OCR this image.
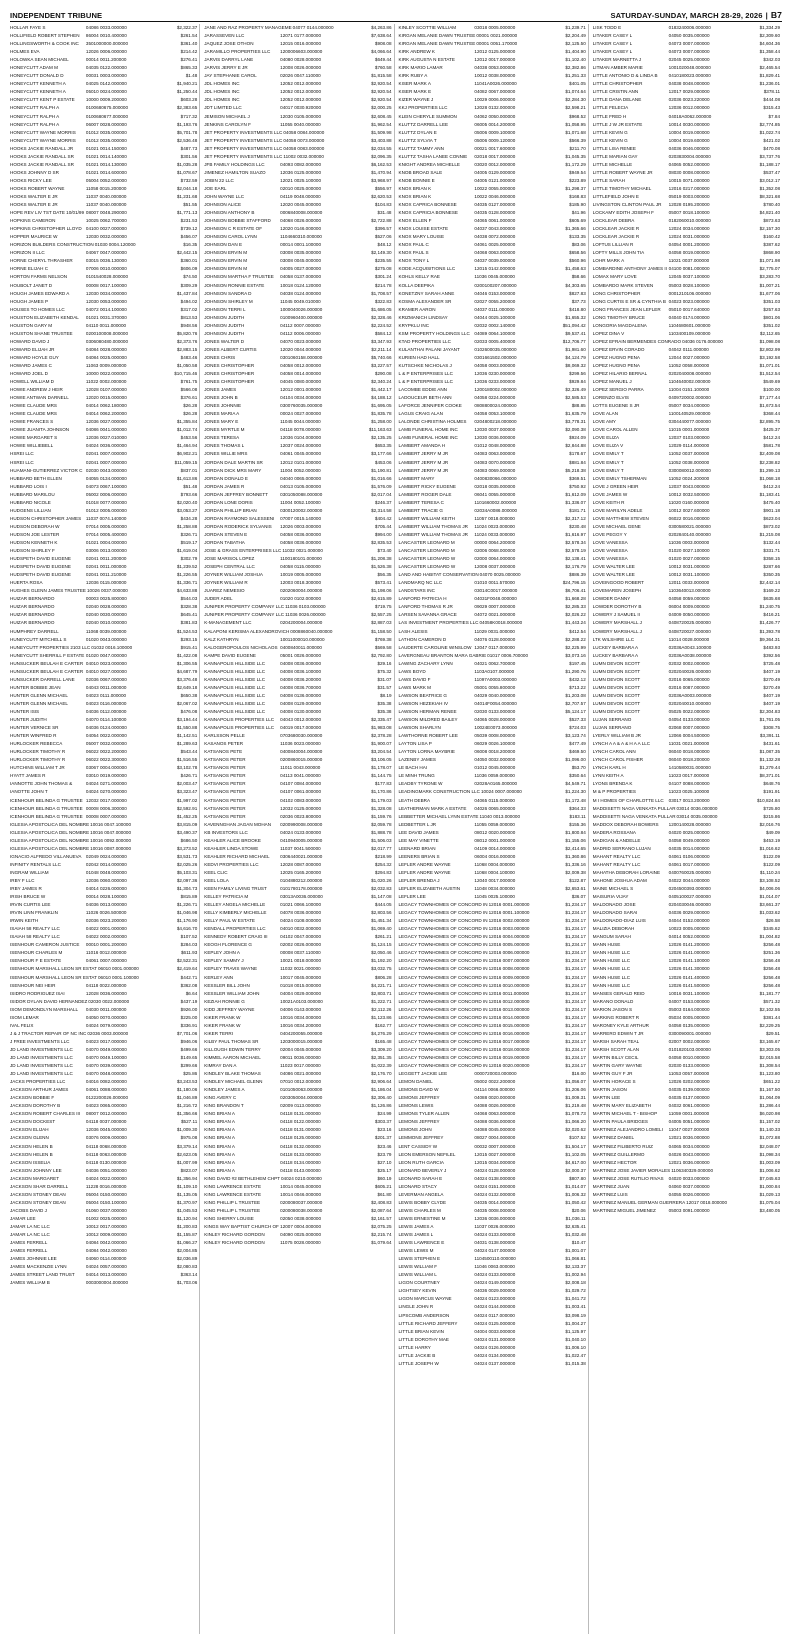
INDEPENDENT TRIBUNE	SATURDAY-SUNDAY, MARCH 28-29, 2026 | B7
HOLLAR FAYE S	04086 0033.000000	$2,322.37
HOLLIFIELD ROBERT STEPHEN	86004 0010.400000	$261.54
HOLLINGSWORTH & COOK INC	3501000000.000000	$361.40
HOLMES EVA	12026 0006.000000	$214.42
HOLOWKA SEAN MICHAEL	00014 0011.200000	$276.41
HONEYCUTT ADAM M	04035 0122.000000	$865.33
HONEYCUTT DONALD D	00031 0003.000000	$1.48
HONEYCUTT KENNETH A	04025 0142.000000	$1,940.21
HONEYCUTT KENNETH A	05010 0024.000000	$1,250.44
HONEYCUTT KENT P ESTATE	10000 0009.200000	$603.28
HONEYCUTT RALPH A	0100680675.000000	$2,383.65
HONEYCUTT RALPH A	0100680677.000000	$717.32
HONEYCUTT RALPH A	06007 0028.000000	$1,193.76
HONEYCUTT WAYNE MORRIS	01012 0035.000000	$5,701.78
HONEYCUTT WAYNE MORRIS	01012 0035.000000	$2,536.48
HOOKS JACKIE RANDALL JR	01021 0014.150000	$487.73
HOOKS JACKIE RANDALL SR	01021 0014.140000	$301.56
HOOKS JACKIE RANDALL SR	01021 0014.130000	$1,035.28
HOOKS JOHNNY D SR	01021 0014.600000	$1,078.67
HOOKS RICKY LEE	05004 0052.000000	$732.59
HOOKS ROBERT WAYNE	11058 0015.200000	$2,044.18
HOOKS WALTER E JR	11037 0040.000000	$1,231.68
HOOKS WALTER E JR	11037 0040.000000	$51.55
HOPE REV LIV TST DATE 10/01/99 08007 0048.290000	$1,771.13
HOPKINS CAMERON	10025 0062.700000	$231.53
HOPKINS CHRISTOPHER LLOYD 04100 0027.000000	$739.12
HOPPER MAURICE W	12030 0032.000000	$456.07
HORIZON BUILDERS CONSTRUCTION 01030 0004.120000	$16.35
HORIZON II LLC	04067 0047.000000	$2,442.15
HORNE CHERYL THRASHER	03015 0036.130000	$360.01
HORNE ELIJAH C	07006 0010.000000	$606.09
HORTON FARMS NELSON	0101540028.000000	$74.50
HOUBOLT JANET D	00008 0017.100000	$309.29
HOUGH JAMES EDWARD A	12030 0034.000000	$1,437.84
HOUGH JAMES P	12030 0053.000000	$494.02
HOUSES TO HOMES LLC	04072 0014.100000	$317.02
HOUSTON ELIZABETH KENDAL	01021 0031.370000	$813.53
HOUSTON GARY M	04110 0011.000000	$948.56
HOUSTON SHANE TRUSTEE	0200100008.000000	$5,820.76
HOWARD DAVID J	0306080480.000000	$2,373.76
HOWARD ELIJAH JR	04084 0028.000000	$2,883.15
HOWARD HOYLE GUY	04084 0025.000000	$483.46
HOWARD JAMES C	11063 0009.000000	$1,050.58
HOWARD JOEL D	10000 0022.000000	$10,715.46
HOWELL WILLIAM D	11022 0002.000000	$761.75
HOWIE ANDREW J HEIR	12028 0107.000000	$566.08
HOWIE ANTWAN DARNELL	12020 0015.000000	$376.61
HOWIE CLAUDE MRS	04014 0062.180000	$26.28
HOWIE CLAUDE MRS	04014 0062.200000	$26.28
HOWIE FRANCES S	12036 0027.000000	$1,355.84
HOWIE JUANITA JOHNSON	04086 0041.000000	$1,012.74
HOWIE MARGARET S	12036 0027.010000	$453.56
HOWIE WILLIEBELL	04024 0036.000000	$1,464.94
HSREI LLC	02041 0007.000000	$6,902.21
HSREI LLC	02041 0007.000000	$11,059.15
HUAMANI-GUTIERREZ VICTOR C 02030 0043.000000	$837.01
HUBBARD BETH ELLEN	04055 0134.000000	$1,613.86
HUBBARD LOIS I	04073 0067.100000	$51.48
HUBBARD MARILOU	05002 0006.000000	$793.66
HUBBARD NICOLE	01018 0077.000000	$2,020.40
HUDGENS LILLIAN	01012 0005.000000	$3,053.27
HUDSON CHRISTOPHER JAMES	11037 0074.140000	$434.28
HUDSON DEBORAH W	07014 0005.000000	$1,258.88
HUDSON JOE LESTER	07014 0005.400000	$326.71
HUDSON KENNETH K	01021 0004.000000	$519.17
HUDSON SHIRLEY F	03006 0013.000000	$1,619.04
HUDSPETH DAVID EUGENE	02041 0011.200000	$302.79
HUDSPETH DAVID EUGENE	02041 0011.000000	$1,239.52
HUDSPETH DAVID EUGENE	02041 0011.210000	$1,226.55
HUERTA ROSA	12036 0115.000000	$1,336.71
HUGHES GLENN JAMES TRUSTEE 10026 0037.000000	$4,633.88
HUIZAR BERNARDO	00003 0025.800000	$544.03
HUIZAR BERNARDO	02040 0028.000000	$328.38
HUIZAR BERNARDO	02040 0030.000000	$645.41
HUIZAR BERNARDO	02040 0010.000000	$381.83
HUMPHREY DARRELL	11068 0039.000000	$1,524.53
HUNEYCUTT MITCHELL S	01020 0043.000000	$293.15
HUNEYCUTT PROPERTIES 2103 LLC 01032 0016.100000	$915.41
HUNEYCUTT SHERRILL F ESTATE 01020 0047.000000	$1,422.08
HUNSUCKER BEULAH E CARTER 04010 0023.000000	$1,306.55
HUNSUCKER BEULAH E CARTER 04010 0027.000000	$4,687.79
HUNSUCKER DARRELL LANE	02036 0067.000000	$3,376.48
HUNTER BOBBIE JEAN	04043 0011.000000	$2,649.18
HUNTER GLENN MICHAEL	04023 0111.000000	$650.38
HUNTER GLENN MICHAEL	04023 0116.000000	$2,067.02
HUNTER ISIS	04036 0112.000000	$476.08
HUNTER JUDITH	04070 0114.100000	$3,194.44
HUNTER VERNICE SR	04036 0124.000000	$1,550.88
HUNTER WINFRED R	04054 0022.000000	$1,142.51
HURLOCKER REBECCA	05007 0032.000000	$1,289.63
HURLOCKER TIMOTHY R	06022 0022.200000	$543.44
HURLOCKER TIMOTHY R	06022 0022.300000	$1,516.55
HUTCHINS WILLIAM T JR	03067 0004.000000	$3,102.78
HYATT JAMES R	03010 0019.000000	$426.71
IANNOTTE JOHN THOMAS &	04024 0271.000000	$2,003.47
IANOTTE JOHN T	04024 0270.000000	$3,323.47
ICENHOUR BELINDA G TRUSTEE 12032 0017.000000	$1,997.02
ICENHOUR BELINDA G TRUSTEE 00008 0006.300000	$2,592.91
ICENHOUR BELINDA G TRUSTEE 00008 0007.000000	$1,452.25
IGLESIA APOSTOLICA DEL NOMBRE 10016 0047.100000	$3,815.09
IGLESIA APOSTOLICA DEL NOMBRE 10016 0047.000000	$3,490.37
IGLESIA APOSTOLICA DEL NOMBRE 10016 0092.000000	$686.50
IGLESIA APOSTOLICA DEL NOMBRE 10016 0087.000000	$3,273.52
IGNACIO ALFREDO VILLANUEVA 02049 0024.000000	$3,531.73
INFINITY RENTALS LLC	02042 0014.000000	$2,025.26
INGRAM WILLIAM	01048 0048.000000	$5,103.31
IRBY F LLC	12036 0060.000000	$2,097.36
IRBY JAMES R	04014 0226.000000	$1,304.73
IRISH BRUCE W	00014 0028.100000	$815.89
IRVIN CURTIS LEE	04036 0013.000000	$1,226.71
IRVIN LINN FRANKLIN	11026 0026.500000	$1,046.98
IRWIN KEITH	02036 0023.200000	$1,176.90
ISAIAH 58 REALTY LLC	04022 0001.000000	$4,616.70
ISAIAH 58 REALTY LLC	04022 0002.000000	$107.52
ISENHOUR CAMERON JUSTICE	00010 0001.200000	$284.03
ISENHOUR CHARLES M	11016 0012.000000	$611.93
ISENHOUR F E ESTATE	04061 0007.000000	$2,522.31
ISENHOUR MARSHALL LEON SR ESTAT 06010 0001.000000	$2,419.64
ISENHOUR MARSHALL LEON SR ESTAT 06010 0001.100000	$442.71
ISENHOUR NEI HEIR	04118 0022.000000	$362.08
ISIDRO RODRIGUEZ ISAI	12028 0036.000000	$6.64
ISIDOR DYLAN DAVID HERNANDEZ 02030 0022.000000	$437.19
ISOM DEMONDLYN MARSHALL	04030 0011.000000	$926.00
ISOM LEMAR	04050 0070.000000	$225.00
IVAL FELIX	04024 0079.000000	$336.91
J & J TRACTOR REPAIR OF NC INC 02036 0003.000000	$7,701.06
J FREE INVESTMENTS LLC	04023 0017.000000	$946.06
JD LAND INVESTMENTS LLC	04070 0049.000000	$499.66
JD LAND INVESTMENTS LLC	04070 0049.100000	$149.65
JD LAND INVESTMENTS LLC	04070 0039.000000	$299.66
JD LAND INVESTMENTS LLC	04070 0048.000000	$25.86
JACKS PROPERTIES LLC	04016 0082.000000	$3,243.53
JACKSON ARTHUR JAMES	04061 0088.000000	$1,180.06
JACKSON BOBBIE F	0122200026.000000	$1,046.89
JACKSON DOROTHY B	04023 0065.000000	$1,216.72
JACKSON ROBERT CHARLES III	08007 0012.000000	$1,356.66
JACKSON DOCKEST	04118 0037.000000	$527.11
JACKSON ELIJAH	12036 0045.000000	$1,009.30
JACKSON GLENN	03076 0009.000000	$975.08
JACKSON HELEN B	04118 0068.000000	$3,379.14
JACKSON HELEN B	04118 0063.000000	$2,623.05
JACKSON ISSELIA	04118 0130.000000	$1,007.99
JACKSON JOHNNY LEE	04036 0051.000000	$823.07
JACKSON MARGARET	04024 0022.000000	$1,356.94
JACKSON SHAR DARRELL	11228 0016.000000	$1,109.10
JACKSON STONEY DEAN	05004 0150.000000	$1,135.05
JACKSON STONEY DEAN	05004 0150.100000	$1,370.97
JACOBS DAVID J	01060 0037.000000	$1,045.53
JAMAR LEE	01002 0025.000000	$1,120.94
JAMAR LA NC LLC	10012 0017.000000	$1,200.83
JAMAR LA NC LLC	10012 0009.000000	$1,155.87
JAMES FERRELL	04084 0042.000000	$1,066.27
JAMES FERRELL	04084 0042.000000	$2,004.85
JAMES JOHNNIE LEE	04060 0114.000000	$2,036.89
JAMES MACKENZIE LYNN	04024 0057.000000	$2,080.83
JAMES STREET LAND TRUST	04014 0013.000000	$363.14
JAMES WILLIAM B	0003000004.000000	$1,703.06
JANE AND RAZ PROPERTY MANAGEME 04077 0144.000000	$4,263.86
JARASSEVEN LLC	12071 0177.000000	$7,638.64
JAQUEZ JOSE OTHON	12015 0016.000000	$908.08
JARAMILLO PROPERTIES LLC	1200006603.000000	$4,066.64
JARVIS DARRYL LANE	04080 0028.000000	$649.44
JARVIS JERRY E JR	12008 0026.000000	$760.58
JAY STEPHANIE CAROL	02026 0047.110000	$1,815.58
JDL HOMES INC	12052 0012.000000	$2,920.54
JDL HOMES INC	12052 0012.000000	$2,920.54
JDL HOMES INC	12052 0012.000000	$2,920.54
JDT LIMITED LLC	04017 0030.920000	$2,000.25
JEMISON MICHAEL J	12030 0105.000000	$2,608.45
JENKINS CAROLYN F	11055 0040.000000	$1,962.54
JET PROPERTY INVESTMENTS LLC 04058 0084.000000	$1,509.98
JET PROPERTY INVESTMENTS LLC 04058 0073.000000	$3,403.88
JET PROPERTY INVESTMENTS LLC 04058 0083.000000	$2,034.55
JET PROPERTY INVESTMENTS LLC 11002 0032.000000	$2,096.35
JFB FAMILY HOLDINGS LLC	04093 0082.000000	$6,162.53
JIMENEZ HAMILTON SUAZO	12036 0125.000000	$1,470.94
JOBIN 22 LLC	12021 0025.100000	$3,968.97
JOE EARL	02010 0025.000000	$556.97
JOHN WAYNE LLC	04119 0048.000000	$2,620.53
JOHNSON ALICE	12020 0045.000000	$104.83
JOHNSON ANTHONY B	0006840008.000000	$31.48
JOHNSON BOBBIE STAFFORD	04068 0026.000000	$2,722.88
JOHNSON C R ESTATE OF	12020 0146.000000	$396.57
JOHNSON CAROL LYNN	1104660310.000000	$527.06
JOHNSON DAN E	00014 0001.100000	$48.12
JOHNSON ERVIN M	03008 0035.000000	$2,149.30
JOHNSON ERVIN M	03008 0045.000000	$235.55
JOHNSON ERVIN M	04005 0027.000000	$275.08
JOHNSON MARTHA F TRUSTEE	04058 0137.000000	$301.24
JOHNSON RONNIE ESTATE	10018 0124.120000	$214.78
JOHNSON SANDRA D	04038 0124.000000	$1,708.57
JOHNSON SHIRLEY M	11045 0049.010000	$322.83
JOHNSON TERRI L	1000040026.000000	$1,686.05
JOHNSON JUDITH	0100960400.000000	$2,328.46
JOHNSON JUDITH	04112 0007.000000	$2,224.52
JOHNSON JUDITH	04112 0006.000000	$584.12
JONES WALTER D	04070 0023.000000	$3,347.93
JONES ALBERT CURTIS	12020 0044.000000	$2,211.14
JONES CHRIS	0301060158.000000	$5,740.66
JONES CHRISTOPHER	04058 0012.000000	$3,227.57
JONES CHRISTOPHER	04058 0014.000000	$290.08
JONES CHRISTOPHER	04045 0080.000000	$2,340.24
JONES JAMES	12012 0001.000000	$1,442.17
JONES JOHN B	04104 0034.000000	$4,188.12
JONES JOHNNIE	0300760035.000000	$1,695.05
JONES MARIA A	00024 0027.000000	$1,835.78
JONES MARY E	11045 0044.000000	$1,258.00
JONES MYRTLE M	04118 0078.000000	$11,163.63
JONES TERESA	12036 0104.000000	$2,135.25
JONES THOMAS L	12037 0024.000000	$653.35
JONES WILLIE MRS	04061 0045.000000	$3,177.66
JORDAN DALE MARTIN SR	12012 0101.000000	$453.06
JORDAN DICK MRS MARY	11004 0052.000000	$1,190.81
JORDAN DONALD E	04040 0065.000000	$1,016.66
JORDAN JAMES R	04013 0105.000000	$1,576.09
JORDAN JEFFREY BONNETT	0301050088.000000	$2,017.04
JORDAN LONE DORIS	11004 0052.100000	$246.37
JORDAN PHILLIP BRIAN	0300120002.000000	$2,314.58
JORDAN RAYMOND SALESSENI	07007 0015.140000	$404.42
JORDAN RODERICK SYLVANIS	12026 0003.000000	$705.44
JORDAN STEVEN E	04058 0036.000000	$994.00
JORDAN TABATHA	04058 0036.000000	$2,835.53
JOSE & GRASS ENTERPRISES LLC 11032 0021.000000	$73.40
JOSE MARISOL LOPEZ	1100180101.000000	$1,208.38
JOSEPH CENTRAL LLC	04058 0115.000000	$1,526.38
JOYNER WILLIAM JOSHUA	10019 0005.000000	$56.35
JOYNER WILLIAM R	12003 0018.300000	$573.41
JUAREZ NEMESIO	0202060004.000000	$1,198.06
JUDER ADEL	01020 0102.000000	$2,615.89
JUNIPER PROPERTY COMPANY LLC 11036 0103.000000	$719.75
JUNIPER PROPERTY COMPANY LLC 11036 0026.000000	$2,557.25
K-MANAGEMENT LLC	0204200004.000000	$2,887.03
KALAPONI KERISMA ALEXANDROVICH 0008860040.000000	$1,158.50
KALZ KATHRYN	10011000010.000000	$769.38
KALOGEROPOULOS NICHOLAOS 0400840011.000000	$569.58
KAMPE DAVID EUGENE	05001 0026.000000	$2,792.80
KANNAPOLIS HILLSIDE LLC	04008 0036.000000	$29.16
KANNAPOLIS HILLSIDE LLC	04008 0036.100000	$75.32
KANNAPOLIS HILLSIDE LLC	04008 0036.200000	$31.07
KANNAPOLIS HILLSIDE LLC	04008 0036.700000	$31.57
KANNAPOLIS HILLSIDE LLC	04008 0136.000000	$8.19
KANNAPOLIS HILLSIDE LLC	04008 0129.000000	$35.38
KANNAPOLIS HILLSIDE LLC	04008 0130.000000	$35.38
KANNAPOLIS PROPERTIES LLC	04043 0012.000000	$2,335.47
KANNAPOLIS PROPERTIES LLC	04019 0017.000000	$1,983.08
KARLSSON PELLE	0703680030.000000	$2,378.28
KASANOS PETER	11036 0023.000000	$1,900.07
KATSANOS PETE	0400840004.000000	$3,204.54
KATSANOS PETER	0200860015.000000	$3,106.05
KATSANOS PETER	11011 0043.000000	$1,178.07
KATSANOS PETER	04113 0041.000000	$1,144.75
KATSANOS PETER	04107 0084.000000	$177.83
KATSANOS PETER	04107 0061.000000	$1,170.86
KATSANOS PETER	04102 0083.000000	$1,179.03
KATSANOS PETER	12032 0125.000000	$1,328.08
KATSANOS PETER	02036 0023.800000	$1,159.76
KAVENNGHAN JAGAN MOHAN	0200990008.000000	$2,059.78
KB INVESTORS LLC	04024 0133.000000	$1,888.78
KEAHLER ALICE BROOKE	0410940005.000000	$1,506.03
KEAHLER LINDA STOWE	11037 0041.500000	$2,017.77
KEAHLER RICHARD MICHAEL	0306440021.000000	$218.99
KEDVI PROPERTIES LLC	12028 0087.000000	$254.32
KEEL CLIC	12025 0165.200000	$294.83
KEEL LOLA	0104880212.000000	$1,020.26
KEEN FAMILY LIVING TRUST	0101780178.000000	$2,032.83
KELLEY PATRICIA M	03013A0036.000000	$1,147.08
KELLEY ANGELA MICHELLE	01021 0066.100000	$444.05
KELLY KIMBERLY MICHELLE	04078 0036.000000	$2,803.56
KELLY PAUL W ESTATE	04024 0108.000000	$1,451.34
KENDALL PROPERTIES LLC	04010 0032.000000	$1,069.40
KENNEDY ROBERT CRAIG III	04102 0047.000000	$261.21
KEOGH FLORENCE G	02002 0026.000000	$1,124.15
KEPLEY JOHN A	00008 0037.110000	$2,050.46
KEPLEY SAMMY J	10021 0018.000000	$1,192.20
KEPLEY TRAVIS WAYNE	11032 0021.000000	$3,032.75
KERLEY ANN	10017 0045.000000	$806.28
KESSLER BILL JOHN	01018 0015.000000	$4,221.71
KESSLER WILLIAM JOHN	04004 0029.000000	$2,803.71
KEZIAH RONNIE G	10021A0103.000000	$1,222.71
KIDD JEFFREY WAYNE	04006 0143.000000	$2,112.26
KIKER FRANK W	10016 0034.000000	$1,123.86
KIKER FRANK W	10016 0034.200000	$162.77
KIKER TERRI	0404200055.000000	$4,276.29
KILBY PAUL THOMAS SR	1203000015.000000	$165.48
KILLOUGH EDWIN TERRY	02004 0045.000000	$3,309.20
KIMMEL AARON MICHAEL	09011 0036.000000	$2,351.35
KIMRAY DAN A	11023 0017.000000	$1,022.39
KINDLEY BLAKE THOMAS	04086 0021.000000	$2,176.70
KINDLEY MICHAEL GLENN	07010 0012.000000	$2,906.64
KINDLEY JAMES A	0101050063.000000	$1,186.04
KING AVERY C	0203050004.000000	$2,306.40
KING BRANDON T	02009 0113.000000	$1,126.86
KING BRIAN A	04118 0131.000000	$24.99
KING BRIAN A	04118 0122.000000	$303.37
KING BRIAN A	04118 0131.000000	$23.16
KING BRIAN A	04118 0125.000000	$201.37
KING BRIAN A	04118 0132.000000	$23.46
KING BRIAN A	04118 0133.000000	$23.79
KING BRIAN A	04118 0134.000000	$27.10
KING BRIAN A	04118 0143.000000	$25.17
KING DAVID #2 BETHLEHEM CHPT 04024 0210.000000	$60.19
KING LAWRENCE ESTATE	10014 0045.000000	$605.21
KING LAWRENCE ESTATE	10014 0046.000000	$61.80
KING PHILLIP L TRUSTEE	0200080037.000000	$2,408.83
KING PHILLIP L TRUSTEE	0200080038.000000	$2,087.64
KING SHERRY LOUISE	02050 0038.000000	$2,161.57
KINGS WAY BAPTIST CHURCH OF 12007 0004.000000	$2,075.25
KINLEY RICHARD GORDON	04090 0025.000000	$2,215.74
KINLEY RICHARD GORDON	11075 0028.000000	$1,079.64
KINLEY SCOTTIE WILLIAM	03018 0005.000000	$1,239.71
KIRGAN MELANIE DAWN TRUSTEE 00001 0021.000000	$2,204.49
KIRGAN MELANIE DAWN TRUSTEE 00001 0051.170000	$2,125.50
KIRK ANDREW K	12012 0125.000000	$1,404.90
KIRK AUGUSTA N ESTATE	12012 0017.000000	$1,102.40
KIRK MARIO LAMAR	04038 0053.000000	$2,382.86
KIRK RUBY A	10012 0038.000000	$1,251.33
KISER MARK A	11041A0026.000000	$401.05
KISER MARK E	04082 0067.000000	$1,074.64
KIZER WAYNE J	10029 0006.000000	$2,284.30
KKJ PROPERTIES LLC	12028 0132.000000	$2,598.21
KLEIN CHERYLE SUMMON	04062 0050.000000	$968.52
KLUTTZ DARRELL LEE	06005 0014.200000	$1,058.95
KLUTTZ DYLAN E	05006 0009.100000	$1,071.68
KLUTTZ SYLVIA T	05006 0009.120000	$566.39
KLUTTZ TAMMY ANN	00021 0017.600000	$211.70
KLUTTZ TASHA LANEE CONNIE	02018 0017.000000	$1,045.35
KNIGHT ANDREA MICHELLE	03020 0012.000000	$1,172.29
KNOB BROAD SALE	04005 0129.000000	$949.54
KNOB BONNIE E	04005 0121.000000	$223.89
KNOX BRIAN K	10022 0055.000000	$1,298.37
KNOX BRIAN K	10022 0046.000000	$168.83
KNOX CAPRICA BONNESE	04035 0127.000000	$185.90
KNOX CAPRICIA BONNESE	04035 0128.000000	$41.96
KNOX ELLEN F	04065 0061.000000	$605.69
KNOX LOUISE ESTATE	04037 0043.000000	$1,365.66
KNOX MARY LOUISE	04038 0072.000000	$133.35
KNOX PAUL C	04061 0025.000000	$83.06
KNOX PAUL S	04068 0063.000000	$658.56
KNOX TONY L	04037 0039.000000	$560.96
KODE ACQUISITIONS LLC	12015 0142.000000	$1,458.63
KOHLS KELLY RAE	11036 0045.000000	$58.66
KOLLA DEEPIKA	0200100207.000000	$4,303.65
KONETZNY SARAH ANNE	04046 0153.000000	$827.83
KOSMA ALEXANDER SR	02027 0055.200000	$37.73
KRAMER AARON	04037 0111.000000	$418.80
KRIZMANICH LINDSAY	04044 0025.100000	$1,655.32
KRYPKLU INC	02032 0002.140000	$51,094.42
KSM PROPERTY HOLDINGS LLC 04089 0064.100000	$9,537.41
KTAD PROPERTIES LLC	02033 0005.400000	$12,706.77
KULANTHAI PALANI JAYANT	0102600035.000000	$1,981.60
KURIEN HAD HALL	0301661502.000000	$4,124.79
KUTSCHKE NICHOLAS J	04058 0003.000000	$8,069.32
L & P ENTERPRISES LLC	12036 0230.000000	$299.56
L & P ENTERPRISES LLC	12036 0233.000000	$929.84
LACOMBE EDDIE ANN	1200180002.000000	$2,326.49
LADOUCEUR BETH ANN	04058 0224.000000	$2,585.53
LAFORCE JENNIFER COOKE	0808800024.000000	$88.85
LAGUS CRAIG ALAN	04058 0053.100000	$1,635.79
LALONDE CHRISTINA HOLMES	0204800218.000000	$3,778.31
LAMB FUNERAL HOME INC	12030 0037.000000	$2,090.38
LAMB FUNERAL HOME INC	12030 0036.000000	$924.09
LAMBERT AMANDA H	01012 0048.000000	$2,844.88
LAMBERT JERRY M JR	04083 0063.000000	$178.67
LAMBERT JERRY M JR	04083 0070.000000	$881.84
LAMBERT JERRY M JR	04083 0069.000000	$5,218.38
LAMBERT MARY	0400830066.000000	$369.51
LAMBERT RICKY EUGENE	02018 0035.000000	$750.92
LAMBERT ROGER DALE	06041 0055.000000	$1,612.09
LAMBERT TERESA C	1101660002.000000	$1,336.07
LAMBERT TRACIE G	02034A0086.000000	$181.71
LAMBERT WILLIAM KEITH	11057 0018.000000	$2,317.12
LAMBERT WILLIAM THOMAS JR	11024 0023.000000	$230.48
LAMBERT WILLIAM THOMAS JR	11024 0033.000000	$1,616.97
LANCASTER LEONARD M	00000 0064.200000	$2,578.34
LANCASTER LEONARD M	02006 0068.000000	$2,578.19
LANCASTER LEONARD W	02000 0064.000000	$2,138.41
LANCASTER LEONARD W	12008 0037.000000	$2,176.79
LAND AND HABITAT CONSERVATION 04070 0025.000000	$886.39
LANDMARQ NC LLC	01010 0011.570000	$24,796.15
LANDSTARS INC	03014C0017.000000	$6,706.41
LANFORD PATRICIA H	04031F0048.000000	$1,668.28
LANFORD THOMAS R JR	09029 0007.000000	$2,285.33
LARSEN SAVANNA GRACE	04072 0021.000000	$2,026.22
LAS INVESTMENT PROPERTIES LLC 04058K0018.000000	$1,443.24
LASH ALESIS	11029 0031.000000	$412.54
LATHON CAMERON D	04076 0128.000000	$2,288.22
LAUDERTE CAROLINE WINSLOW 12047 0117.000000	$2,225.99
LAVERGNEAU BRANTON MARA GABRIE 01017 0006.700000	$3,073.16
LAWING ZACHARY LYNN	04021 0062.700000	$197.45
LAWS BOYD	1103A0107.000000	$1,290.76
LAWS DAVID F	11097A0003.000000	$432.12
LAWS MARK M	05001 0055.800000	$713.22
LAWSON BEATRICE G	04029 0040.000000	$1,203.08
LAWSON HEZEKIAH IV	04014F0054.000000	$2,707.57
LAWSON HERMAN RENEE	02030 0133.000000	$5,124.17
LAWSON MILDRED BAILEY	04065 0028.000000	$527.33
LAWSON SHARLYN	10024E0073.000000	$724.03
LAWTHORNE ROBERT LEE	05039 0008.000000	$3,123.74
LAYTON LISA P	06029 0026.100000	$477.49
LAYTON LORNA MAYBRIE	06008 0018.200000	$469.50
LAZENBY JAMES	04050 0032.000000	$1,096.00
LE BACH HAI	01012 0045.000000	$53.70
LE MINH TRUNG	11036 0059.000000	$350.64
LEADBY TYRONE W	02028A0165.000000	$4,549.71
LEADINGMARK CONSTRUCTION LLC 10024 0007.000000	$1,224.30
LEATH DEBRA	04065 0115.000000	$1,172.48
LEATHERMAN MARK A ESTATE	04026 0065.000000	$364.33
LEBBETTER MICHAEL LYNN ESTATE 11040 0013.000000	$183.11
LEDBETTER L JR	11055 0059.000000	$155.36
LEE DAVID JAMES	08012 0020.000000	$1,800.84
LEE MAY VINETTE	08012 0001.000000	$1,155.06
LEENARD BRIAN	04109 0014.000000	$2,414.65
LEENERS BRIAN S	06004 0016.000000	$1,360.86
LEFLER ANDRE WAYNE	11068 0004.000000	$1,336.16
LEFLER ANDRE WAYNE	11068 0004.100000	$2,009.38
LEFLER BRENDA J	12040 0017.000000	$122.87
LEFLER ELIZABETH AUSTIN	11048 0034.000000	$2,653.61
LEFLER LEE	11045 0025.100000	$36.07
LEGACY TOWNHOMES OF CONCORD IN 12016 0001.000000	$1,234.17
LEGACY TOWNHOMES OF CONCORD IN 12016 0001.100000	$1,234.17
LEGACY TOWNHOMES OF CONCORD IN 12016 0002.000000	$1,234.17
LEGACY TOWNHOMES OF CONCORD IN 12016 0003.000000	$1,234.17
LEGACY TOWNHOMES OF CONCORD IN 12016 0004.000000	$1,234.17
LEGACY TOWNHOMES OF CONCORD IN 12016 0005.000000	$1,234.17
LEGACY TOWNHOMES OF CONCORD IN 12016 0006.000000	$1,234.17
LEGACY TOWNHOMES OF CONCORD IN 12016 0007.000000	$1,234.17
LEGACY TOWNHOMES OF CONCORD IN 12016 0008.000000	$1,234.17
LEGACY TOWNHOMES OF CONCORD IN 12016 0009.000000	$1,234.17
LEGACY TOWNHOMES OF CONCORD IN 12016 0010.000000	$1,234.17
LEGACY TOWNHOMES OF CONCORD IN 12016 0011.000000	$1,234.17
LEGACY TOWNHOMES OF CONCORD IN 12016 0012.000000	$1,234.17
LEGACY TOWNHOMES OF CONCORD IN 12016 0013.000000	$1,234.17
LEGACY TOWNHOMES OF CONCORD IN 12016 0014.000000	$1,234.17
LEGACY TOWNHOMES OF CONCORD IN 12016 0015.000000	$1,234.17
LEGACY TOWNHOMES OF CONCORD IN 12016 0016.000000	$1,234.17
LEGACY TOWNHOMES OF CONCORD IN 12016 0017.000000	$1,234.17
LEGACY TOWNHOMES OF CONCORD IN 12016 0018.000000	$1,234.17
LEGACY TOWNHOMES OF CONCORD IN 12016 0019.000000	$1,234.17
LEGACY TOWNHOMES OF CONCORD IN 12016 0020.000000	$1,234.17
LEGGETT JACKIE LEE	0000720003.000000	$16.00
LEMON DANIEL	05002 0022.200000	$1,056.07
LEMONS DAVID W	04114 0066.000000	$1,206.06
LEMONS JEFFREY	04088 0020.000000	$1,009.31
LEMONS LEWIS	04088 0026.000000	$1,219.48
LEMONS TYLER ALLEN	04068 0063.000000	$1,078.73
LEMONS JEFFREY	04088 0036.000000	$1,066.20
LEMONS JOHN	04088 0045.000000	$2,020.62
LEMMONS JEFFREY	08027 0004.000000	$107.52
LENT CASSIDY W	00032 0007.000000	$1,504.17
LEON EMERSON NEFILEL	12015 0027.000000	$1,102.05
LEON RUTH GARCIA	12015 0034.000000	$4,617.00
LEONARD BEVERLY J	04024 0128.000000	$2,000.37
LEONARD SARAH E	04024 0138.000000	$807.80
LEONARD STACY	04024 0151.000000	$1,014.07
LEVERMAN ANGELA	04024 0132.000000	$1,006.32
LEWIS BOBBY CLYDE	04035 0014.000000	$1,050.42
LEWIS CHARLES M	04035 0008.000000	$20.06
LEWIS ERNESTINE M	12036 0036.000000	$1,036.11
LEWIS JAMES A	11037 0026.000000	$2,635.41
LEWIS JAMES L	04024 0133.000000	$1,032.48
LEWIS LAWRENCE E	04031 0138.000000	$10.47
LEWIS LEWIS M	04024 0147.000000	$1,001.07
LEWIS STEPHEN E	1104500110.000000	$1,066.81
LEWIS WILLIAM F	11046 0063.000000	$2,133.37
LEWIS WILLIAM L	04024 0133.000000	$1,002.94
LIGON COURTNEY	04024 0149.000000	$2,008.18
LIGHTSEY KEVIN	04036 0029.000000	$1,029.72
LIGON MARCUS WAYNE	04024 0123.000000	$1,041.72
LINGLE JOHN R	04024 0144.000000	$1,003.41
LIPSCOMB ANDERSON	04024 0117.000000	$3,098.19
LITTLE RICHARD JEFFERY	04024 0125.000000	$1,004.27
LITTLE BRIAN KEVIN	04004 0033.000000	$1,125.97
LITTLE DOROTHY MAE	04024 0131.000000	$1,040.10
LITTLE HARRY	04024 0126.000000	$1,006.10
LITTLE JACKIE B	04024 0134.000000	$1,022.47
LITTLE JOSEPH W	04024 0137.000000	$1,015.38
LISK TODD E	0183240006.000000	$1,334.29
LITAKER CASEY L	04050 0035.000000	$2,309.60
LITAKER CASEY L	04073 0007.000000	$4,604.36
LITAKER CASEY L	04073 0007.000000	$1,358.44
LITAKER MARNETTA J	02045 0025.000000	$342.03
LITMAN AMBER MARIE	1001020048.000000	$2,465.54
LITTLE ANTONIO D & LINDA B	0410180023.000000	$1,829.41
LITTLE CHRISTOPHER	04038 0048.000000	$1,236.01
LITTLE CRISTIN ANN	12017 0029.000000	$378.11
LITTLE DANA DELANE	02036 0023.220000	$444.08
LITTLE FELECIA	12036 0012.000000	$315.43
LITTLE FRED H	04018A0062.000000	$7.84
LITTLE J W JR ESTATE	10014 0030.000000	$2,774.85
LITTLE KEVIN G	10004 0019.000000	$1,022.74
LITTLE KEVIN G	10004 0019.600000	$421.02
LITTLE LISA RENEE	04036 0046.000000	$470.08
LITTLE MARIAN GAY	0203830004.000000	$3,737.76
LITTLE MICHELLE	04065 0052.000000	$1,188.17
LITTLE ROBERT WAYNE JR	08030 0008.000000	$537.47
LITTLE SARAH	10015 0071.000000	$3,012.17
LITTLE TIMOTHY MICHAEL	12016 0217.000000	$1,352.08
LITTLEFIELD JOHN E	05019 0003.000000	$8,321.68
LIVINGSTON CLINTON PAUL JR	12028 0195.200000	$780.40
LOCKAMY EDITH JOSEPH F	05007 0018.100000	$4,821.40
LOCKLEAR DEBRA	0182060010.000000	$873.63
LOCKLEAR JACKIE R	12024 0034.000000	$2,157.30
LOCKLEAR JACKIE R	12024 0031.000000	$160.42
LOFTUS LILLIAN R	04054 0001.200000	$387.62
LOFTY MILLS JOHN TIA	04058 0019.000000	$868.90
LOHR MARK A	11021 0037.000000	$1,071.98
LOMBARDINE ANTHONY JAMES II 04100 0081.000000	$2,775.07
LOMAX MARY LOVE	12045 0037.100000	$3,283.70
LOMBARDO MARK STEVEN	05003 0028.100000	$1,007.21
LONG CHRISTOPHER	0001210106.000000	$1,677.06
LONG CURTIS E SR & CYNTHIA B 04023 0023.000000	$351.03
LONG FRANCES JEAN LEFLER	05010 0017.640000	$257.63
LONG TIMOTHY BRUCE	04040 0174.000000	$801.06
LONGORIA MAGDALENA	1104680601.000000	$351.02
LOPEZ DINA V	1103400109.000000	$2,112.65
LOPEZ EFRAIN BERMENDES CONRADO 04036 0176.000000	$1,098.08
LOPEZ ERVIN CORADO	04042 0111.000000	$2,802.99
LOPEZ HUGNO PENA	12044 0027.000000	$3,192.58
LOPEZ HUGNO PENA	11052 0058.000000	$1,071.01
LOPEZ HILARIO BERNAL	0202040008.000000	$1,512.54
LOPEZ MANUEL J	1104640002.000000	$549.69
LOPEZ SERGIO PARRA	11004 0151.100000	$100.00
LORENZO ELVIS	0409720002.000000	$7,177.44
LOTTS EUGENE S JR	05007 0034.000000	$1,673.54
LOVE ALAN	1100140529.000000	$368.44
LOVE AMY	0304440077.000000	$2,895.75
LOVE CAROL ALLEN	11015 0001.000000	$425.37
LOVE ELIZA	12037 0103.000000	$412.24
LOVE ELIZA V	12029 0114.000000	$581.78
LOVE EMILY T	11052 0037.000000	$2,409.08
LOVE EMILY T	11052 0038.000000	$2,238.82
LOVE EMILY T	0300080012.000000	$1,299.13
LOVE EMILY TSHERMAN	11052 0024.200000	$1,068.18
LOVE J GREEN HEIR	12037 0043.000000	$412.24
LOVE JAMES W	10012 0032.500000	$1,183.41
LOVE KEITH R	11020 0160.000000	$475.40
LOVE MARILYN ADELE	10012 0027.600000	$901.18
LOVE MATTHEW STEVEN	06022 0016.000000	$623.04
LOVE MICHAEL GENE	0300580021.000000	$873.02
LOVE PEGGY Y	0202840140.000000	$1,215.08
LOVE VANESSA	11036 0003.000000	$132.44
LOVE VANESSA	01020 0027.100000	$331.71
LOVE VANESSA	01020 0027.000000	$358.15
LOVE WALTER LEE	10012 0031.000000	$287.66
LOVE WALTER LEE	10012 0031.100000	$350.35
LOVEINGOOD ROBERT	12011 0033.000000	$2,442.14
LOVEMAREN JOSEPH	1103640013.000000	$169.22
LOWDER DANNY	04058 0059.000000	$635.68
LOWDER DOROTHY B	06004 0009.000000	$1,240.75
LOWERY J SAMUEL II	04009 0050.000000	$416.21
LOWERY MARSHALL J	0408720025.000000	$1,426.77
LOWERY MARSHALL J	0408720027.000000	$1,393.78
LTK WILSHIRE LLC	11014 0028.000000	$9,364.31
LUCKEY BARBARA A	02036A0043.100000	$483.93
LUCKEY BARBARA A	02036A0038.000000	$392.56
LUMN DEVON SCOTT	02032 0002.000000	$725.48
LUMN DEVON SCOTT	0202040026.000000	$407.19
LUMN DEVON SCOTT	02016 0065.000000	$270.49
LUMN DEVON SCOTT	02016 0087.000000	$270.49
LUMN DEVON SCOTT	02036A0003.000000	$407.19
LUMN DEVON SCOTT	0202040010.000000	$407.19
LUMN DEVON SCOTT	05025 0022.000000	$2,304.83
LUJAN SERRANO	04054 0133.000000	$1,761.05
LUJAN SERRANO	02068 0007.000000	$308.75
LYERLY WILLIAM B JR	12066 0004.500000	$3,391.11
LYNCH A A & A & H A A LLC	11031 0021.000000	$431.61
LYNCH CAROL ANN	06040 0018.000000	$1,087.35
LYNCH CAROL FISHER	06040 0018.200000	$1,132.28
LYNCH KARL H	1410580031.000000	$1,279.44
LYNN KEITH A	11023 0017.000000	$8,371.01
LYONS BRENDA K	04107 0088.000000	$648.76
M & P PROPERTIES	11023 0025.100000	$191.91
M I HOMES OF CHARLOTTE LLC	03017 0013.200000	$10,824.84
MADDISETTI NAGA VENKATA PULLAR 03014 0036.000000	$725.80
MADDISETTI NAGA VENKATA PULLAR 03014 0035.000000	$215.86
MADDOX DEBORAH BOWERS	1200140028.000000	$2,016.76
MADERA ROSSANA	04020 0025.000000	$49.09
MADIGAN & ANDELLE	04058 0049.000000	$453.19
MADRID SERRANO LUJAN	04035 0014.000000	$1,016.62
MAHANT REALTY LLC	04061 0106.000000	$122.09
MAHANT REALTY LLC	04061 0017.000000	$122.09
MAHATHA DEBORAH LORAINE	0400760025.000000	$1,110.24
MAHONE JOSHUA ADAM	04022 0044.000000	$3,108.52
MAINE MICHAEL S	0204500393.000000	$4,006.06
MAISURIA VIJAY	0405100027.000000	$1,014.07
MALDONADO JOSE	0204030046.000000	$3,661.37
MALDONADO SARAI	04036 0029.000000	$1,033.62
MALDONADO-DIAZ LUIS	04044 0152.000000	$26.58
MALIZIA DEBORAH	10023 0005.000000	$345.62
MANGUM SARAH	04014 0052.000000	$1,004.82
MANN HUSE	12026 0141.200000	$256.48
MANN HUSE LLC	12026 0141.000000	$251.36
MANN HUSE LLC	12026 0141.100000	$256.48
MANN HUSE LLC	12026 0141.300000	$256.48
MANN HUSE LLC	12026 0141.400000	$256.48
MANN HUSE LLC	12026 0141.500000	$256.48
MANSES GERALD REID	10016 0031.100000	$1,181.77
MARANO DONALD	04007 0153.000000	$571.32
MARION JASON S	05003 0164.000000	$2,102.55
MARKING ROBERT R	05034 0005.000000	$381.44
MARONEY KYLE ARTHUR	04058 0135.000000	$2,229.25
MARRERO EDWIN T JR	0300090001.000000	$29.51
MARSH SARAH TEAL	02007 0002.000000	$3,165.67
MARSH SCOTT ALAN	0101820103.000000	$3,303.05
MARTIN BILLY CECIL	04058 0010.000000	$2,015.58
MARTIN GARY WAYNE	02030 0133.000000	$1,308.54
MARTIN GUY F JR	11053 0057.000000	$1,123.80
MARTIN HORACE S	12026 0202.000000	$651.22
MARTIN JASON	04035 0139.000000	$1,167.50
MARTIN LEE	04035 0137.000000	$1,064.09
MARTIN MARY ELIZABETH	04032 0061.000000	$1,286.44
MARTIN MICHAEL T - BISHOP	11059 0001.000000	$6,020.98
MARTIN PAULA BRIDGES	04005 0051.000000	$1,157.02
MARTINEZ ALEJANDRO LOMELI	11047 0027.000000	$1,140.33
MARTINEZ DANIEL	12021 0036.000000	$1,072.88
MARTINEZ FILIBERTO RUIZ	04065 0034.000000	$2,048.07
MARTINEZ GUILLERMO	04026 0043.000000	$1,098.34
MARTINEZ HECTOR	12021 0036.000000	$1,003.09
MARTINEZ JOSE JAVIER MORALES 1106340329.000000	$1,006.62
MARTINEZ JOSE RUTILIO RIVAS	04020 0033.000000	$7,045.63
MARTINEZ JUAN	04060 0037.000000	$1,000.84
MARTINEZ LUIS	04055 0026.000000	$1,029.13
MARTINEZ MANUEL GERMAN GUERRERA 12017 0018.000000	$1,075.04
MARTINEZ MIGUEL JIMENEZ	05003 0091.000000	$3,480.05
